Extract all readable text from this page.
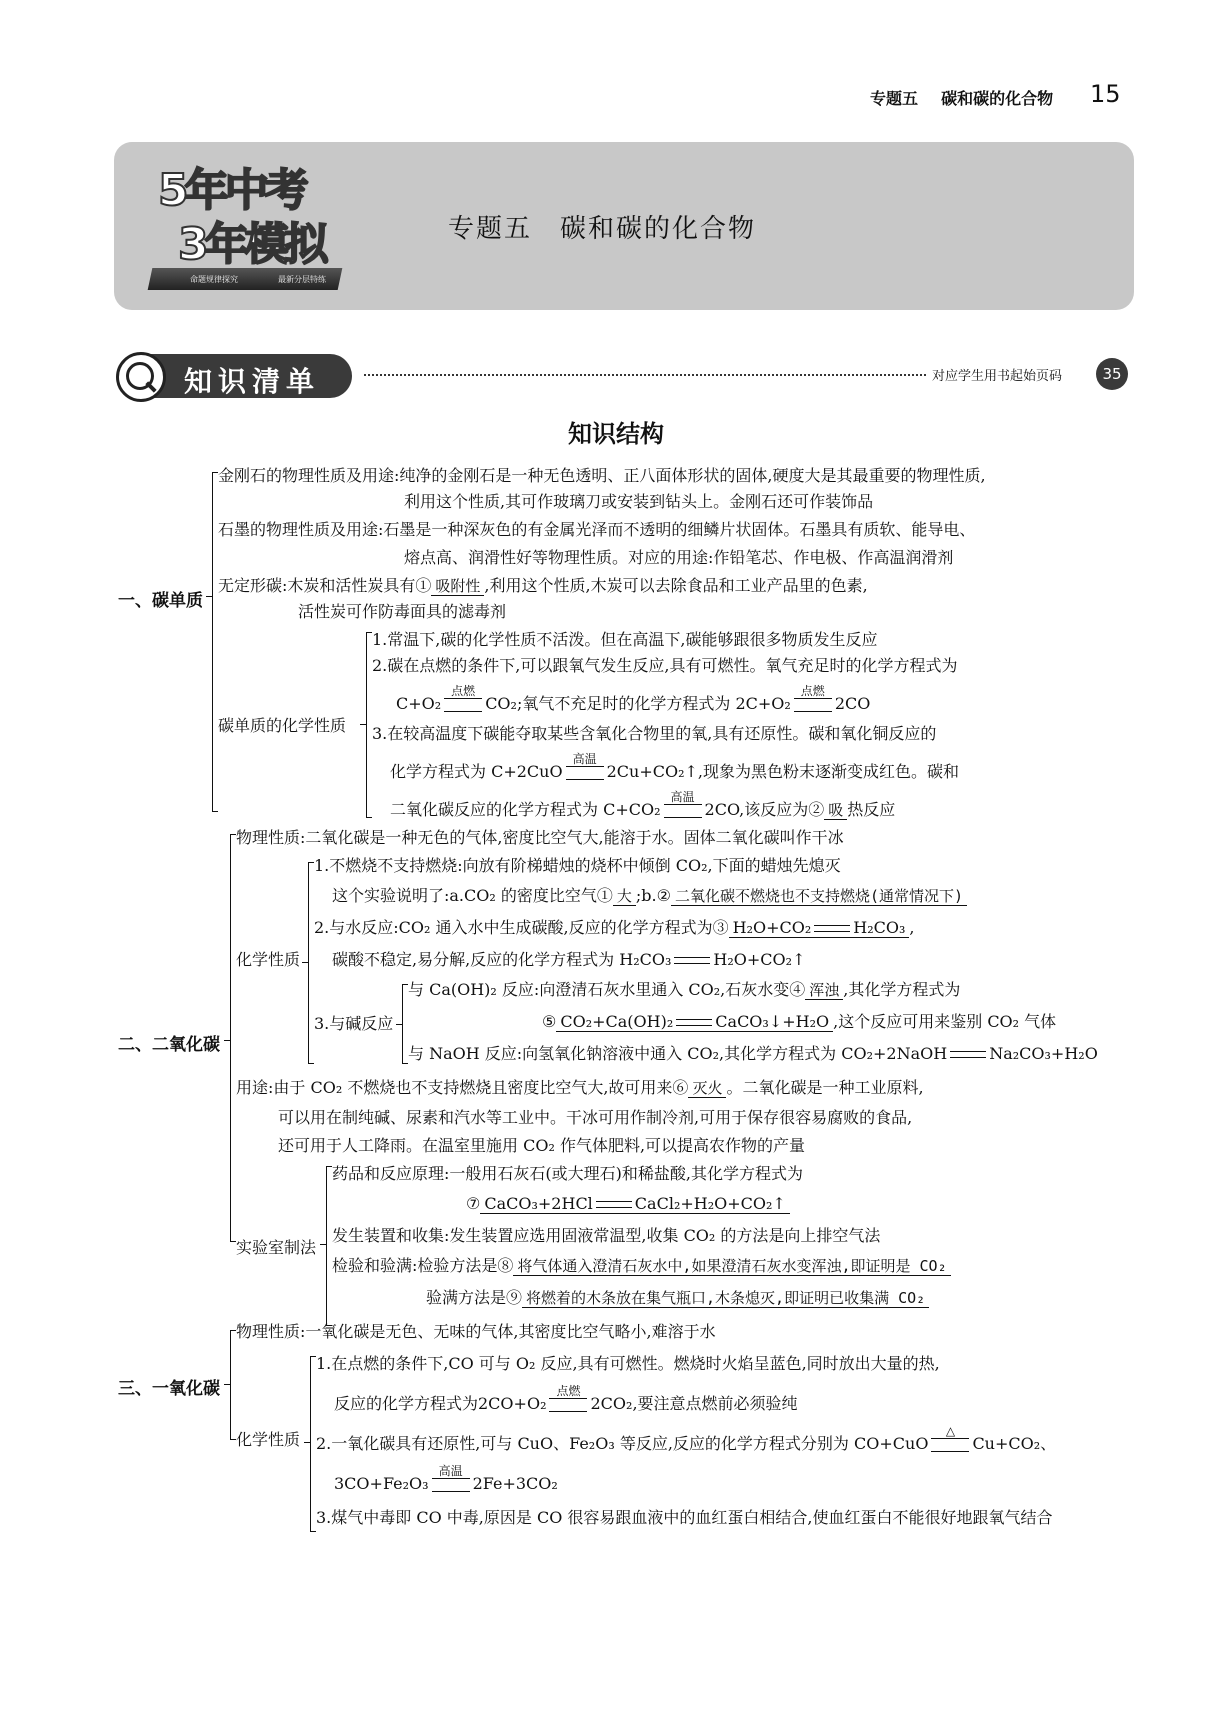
专题五 碳和碳的化合物 15
5年中考
3年模拟
命题规律探究	最新分层特练
专题五　碳和碳的化合物
知识清单	对应学生用书起始页码	35
知识结构
一、碳单质
金刚石的物理性质及用途:纯净的金刚石是一种无色透明、正八面体形状的固体,硬度大是其最重要的物理性质,
利用这个性质,其可作玻璃刀或安装到钻头上。金刚石还可作装饰品
石墨的物理性质及用途:石墨是一种深灰色的有金属光泽而不透明的细鳞片状固体。石墨具有质软、能导电、
熔点高、润滑性好等物理性质。对应的用途:作铅笔芯、作电极、作高温润滑剂
无定形碳:木炭和活性炭具有① 吸附性 ,利用这个性质,木炭可以去除食品和工业产品里的色素,
活性炭可作防毒面具的滤毒剂
碳单质的化学性质
1.常温下,碳的化学性质不活泼。但在高温下,碳能够跟很多物质发生反应
2.碳在点燃的条件下,可以跟氧气发生反应,具有可燃性。氧气充足时的化学方程式为
C+O₂
点燃
CO₂;氧气不充足时的化学方程式为 2C+O₂
点燃
2CO
3.在较高温度下碳能夺取某些含氧化合物里的氧,具有还原性。碳和氧化铜反应的
化学方程式为 C+2CuO
高温
2Cu+CO₂↑,现象为黑色粉末逐渐变成红色。碳和
二氧化碳反应的化学方程式为 C+CO₂
高温
2CO,该反应为② 吸 热反应
二、二氧化碳
物理性质:二氧化碳是一种无色的气体,密度比空气大,能溶于水。固体二氧化碳叫作干冰
化学性质
1.不燃烧不支持燃烧:向放有阶梯蜡烛的烧杯中倾倒 CO₂,下面的蜡烛先熄灭
这个实验说明了:a.CO₂ 的密度比空气① 大 ;b.② 二氧化碳不燃烧也不支持燃烧(通常情况下)
2.与水反应:CO₂ 通入水中生成碳酸,反应的化学方程式为③ H₂O+CO₂	H₂CO₃ ,
碳酸不稳定,易分解,反应的化学方程式为 H₂CO₃	H₂O+CO₂↑
3.与碱反应
与 Ca(OH)₂ 反应:向澄清石灰水里通入 CO₂,石灰水变④ 浑浊 ,其化学方程式为
⑤ CO₂+Ca(OH)₂	CaCO₃↓+H₂O ,这个反应可用来鉴别 CO₂ 气体
与 NaOH 反应:向氢氧化钠溶液中通入 CO₂,其化学方程式为 CO₂+2NaOH	Na₂CO₃+H₂O
用途:由于 CO₂ 不燃烧也不支持燃烧且密度比空气大,故可用来⑥ 灭火 。二氧化碳是一种工业原料,
可以用在制纯碱、尿素和汽水等工业中。干冰可用作制冷剂,可用于保存很容易腐败的食品,
还可用于人工降雨。在温室里施用 CO₂ 作气体肥料,可以提高农作物的产量
实验室制法
药品和反应原理:一般用石灰石(或大理石)和稀盐酸,其化学方程式为
⑦ CaCO₃+2HCl	CaCl₂+H₂O+CO₂↑
发生装置和收集:发生装置应选用固液常温型,收集 CO₂ 的方法是向上排空气法
检验和验满:检验方法是⑧ 将气体通入澄清石灰水中,如果澄清石灰水变浑浊,即证明是 CO₂
验满方法是⑨ 将燃着的木条放在集气瓶口,木条熄灭,即证明已收集满 CO₂
三、一氧化碳
物理性质:一氧化碳是无色、无味的气体,其密度比空气略小,难溶于水
化学性质
1.在点燃的条件下,CO 可与 O₂ 反应,具有可燃性。燃烧时火焰呈蓝色,同时放出大量的热,
反应的化学方程式为2CO+O₂
点燃
2CO₂,要注意点燃前必须验纯
2.一氧化碳具有还原性,可与 CuO、Fe₂O₃ 等反应,反应的化学方程式分别为 CO+CuO
△
Cu+CO₂、
3CO+Fe₂O₃
高温
2Fe+3CO₂
3.煤气中毒即 CO 中毒,原因是 CO 很容易跟血液中的血红蛋白相结合,使血红蛋白不能很好地跟氧气结合
